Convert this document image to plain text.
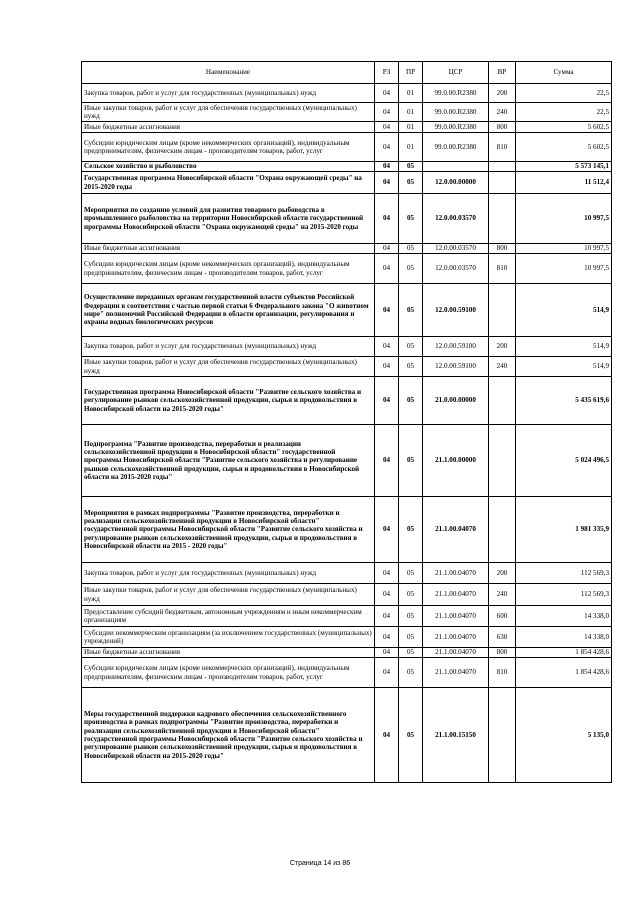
Наименование	РЗ	ПР	ЦСР	ВР	Сумма
Закупка товаров, работ и услуг для государственных (муниципальных) нужд	04	01	99.0.00.R2380	200	22,5
Иные закупки товаров, работ и услуг для обеспечения государственных (муниципальных) нужд	04	01	99.0.00.R2380	240	22,5
Иные бюджетные ассигнования	04	01	99.0.00.R2380	800	5 602,5
Субсидии юридическим лицам (кроме некоммерческих организаций), индивидуальным предпринимателям, физическим лицам - производителям товаров, работ, услуг	04	01	99.0.00.R2380	810	5 602,5
Сельское хозяйство и рыболовство	04	05			5 573 145,1
Государственная программа Новосибирской области "Охрана окружающей среды" на 2015-2020 годы	04	05	12.0.00.00000		11 512,4
Мероприятия по созданию условий для развития товарного рыбоводства в промышленного рыболовства на территории Новосибирской области государственной программы Новосибирской области "Охрана окружающей среды" на 2015-2020 годы	04	05	12.0.00.03570		10 997,5
Иные бюджетные ассигнования	04	05	12.0.00.03570	800	10 997,5
Субсидии юридическим лицам (кроме некоммерческих организаций), индивидуальным предпринимателям, физическим лицам - производителям товаров, работ, услуг	04	05	12.0.00.03570	810	10 997,5
Осуществление переданных органам государственной власти субъектов Российской Федерации в соответствии с частью первой статьи 6 Федерального закона "О животном мире" полномочий Российской Федерации в области организации, регулирования и охраны водных биологических ресурсов	04	05	12.0.00.59100		514,9
Закупка товаров, работ и услуг для государственных (муниципальных) нужд	04	05	12.0.00.59100	200	514,9
Иные закупки товаров, работ и услуг для обеспечения государственных (муниципальных) нужд	04	05	12.0.00.59100	240	514,9
Государственная программа Новосибирской области "Развитие сельского хозяйства и регулирование рынков сельскохозяйственной продукции, сырья и продовольствия в Новосибирской области на 2015-2020 годы"	04	05	21.0.00.00000		5 435 619,6
Подпрограмма "Развитие производства, переработки и реализации сельскохозяйственной продукции в Новосибирской области" государственной программы Новосибирской области "Развитие сельского хозяйства и регулирование рынков сельскохозяйственной продукции, сырья и продовольствия в Новосибирской области на 2015-2020 годы"	04	05	21.1.00.00000		5 024 496,5
Мероприятия в рамках подпрограммы "Развитие производства, переработки и реализации сельскохозяйственной продукции в Новосибирской области" государственной программы Новосибирской области "Развитие сельского хозяйства и регулирование рынков сельскохозяйственной продукции, сырья и продовольствия в Новосибирской области на 2015 - 2020 годы"	04	05	21.1.00.04070		1 981 335,9
Закупка товаров, работ и услуг для государственных (муниципальных) нужд	04	05	21.1.00.04070	200	112 569,3
Иные закупки товаров, работ и услуг для обеспечения государственных (муниципальных) нужд	04	05	21.1.00.04070	240	112 569,3
Предоставление субсидий бюджетным, автономным учреждениям и иным некоммерческим организациям	04	05	21.1.00.04070	600	14 338,0
Субсидии некоммерческим организациям (за исключением государственных (муниципальных) учреждений)	04	05	21.1.00.04070	630	14 338,0
Иные бюджетные ассигнования	04	05	21.1.00.04070	800	1 854 428,6
Субсидии юридическим лицам (кроме некоммерческих организаций), индивидуальным предпринимателям, физическим лицам - производителям товаров, работ, услуг	04	05	21.1.00.04070	810	1 854 428,6
Меры государственной поддержки кадрового обеспечения сельскохозяйственного производства в рамках подпрограммы "Развитие производства, переработки и реализации сельскохозяйственной продукции в Новосибирской области" государственной программы Новосибирской области "Развитие сельского хозяйства и регулирование рынков сельскохозяйственной продукции, сырья и продовольствия в Новосибирской области на 2015-2020 годы"	04	05	21.1.00.15150		5 135,0
Страница 14 из 86
